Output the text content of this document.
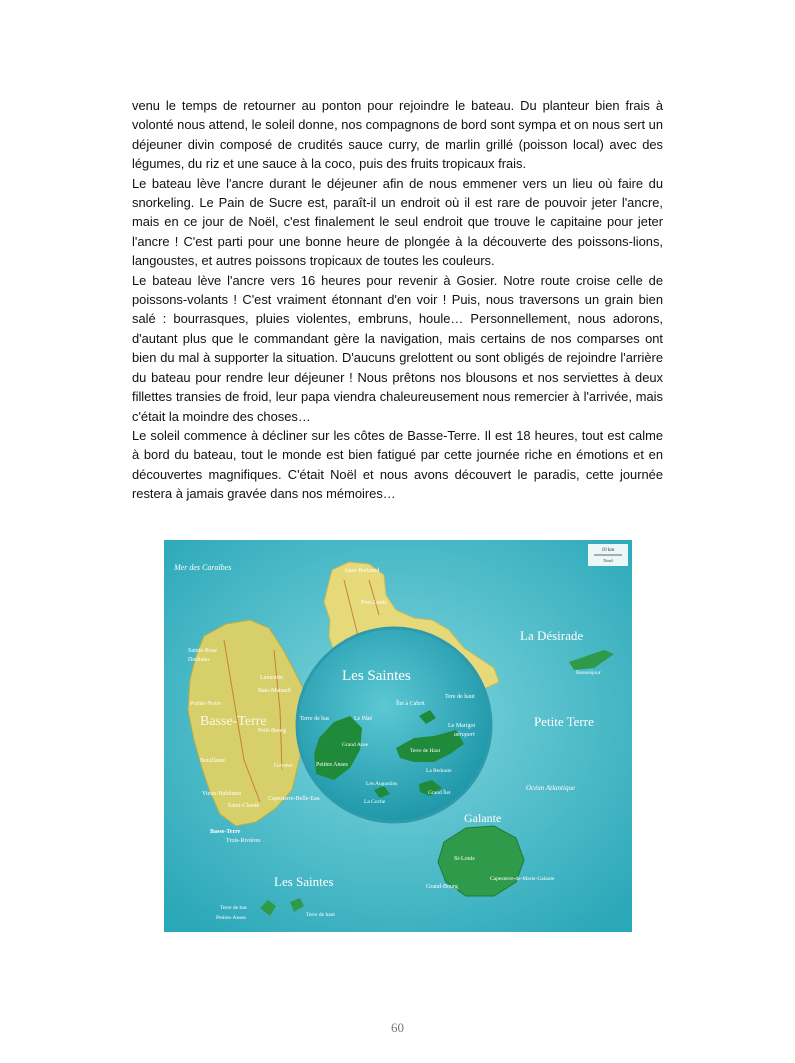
venu le temps de retourner au ponton pour rejoindre le bateau. Du planteur bien frais à volonté nous attend, le soleil donne, nos compagnons de bord sont sympa et on nous sert un déjeuner divin composé de crudités sauce curry, de marlin grillé (poisson local) avec des légumes, du riz et une sauce à la coco, puis des fruits tropicaux frais.

Le bateau lève l'ancre durant le déjeuner afin de nous emmener vers un lieu où faire du snorkeling. Le Pain de Sucre est, paraît-il un endroit où il est rare de pouvoir jeter l'ancre, mais en ce jour de Noël, c'est finalement le seul endroit que trouve le capitaine pour jeter l'ancre ! C'est parti pour une bonne heure de plongée à la découverte des poissons-lions, langoustes, et autres poissons tropicaux de toutes les couleurs.

Le bateau lève l'ancre vers 16 heures pour revenir à Gosier. Notre route croise celle de poissons-volants ! C'est vraiment étonnant d'en voir ! Puis, nous traversons un grain bien salé : bourrasques, pluies violentes, embruns, houle… Personnellement, nous adorons, d'autant plus que le commandant gère la navigation, mais certains de nos comparses ont bien du mal à supporter la situation. D'aucuns grelottent ou sont obligés de rejoindre l'arrière du bateau pour rendre leur déjeuner ! Nous prêtons nos blousons et nos serviettes à deux fillettes transies de froid, leur papa viendra chaleureusement nous remercier à l'arrivée, mais c'était la moindre des choses…

Le soleil commence à décliner sur les côtes de Basse-Terre. Il est 18 heures, tout est calme à bord du bateau, tout le monde est bien fatigué par cette journée riche en émotions et en découvertes magnifiques. C'était Noël et nous avons découvert le paradis, cette journée restera à jamais gravée dans nos mémoires…

10 km
Nord
Mer des Caraïbes	Anse-Bertrand
Port-Louis
Sainte-Rose
Deshaies
Lamentin
Baie-Mahault
Pointe-Noire
Basse-Terre
Petit-Bourg
Bouillante
Goyave
Vieux-Habitants
Saint-Claude
Capesterre-Belle-Eau
Basse-Terre
Trois-Rivières
La Désirade
Beauséjour
Petite Terre
Océan Atlantique
Galante
St-Louis
Grand-Bourg
Capesterre-de-Marie-Galante
Les Saintes
Terre de bas
Petites-Anses	Terre de haut
Les Saintes
Tere de haut
Îlet à Cabrit
Le Marigot
aéroport
Terre de bas	Le Pâté
Grand Anse
Petites Anses
Terre de Haut
La Redoute
Les Augustins
La Coche
Grand Îlet
60
